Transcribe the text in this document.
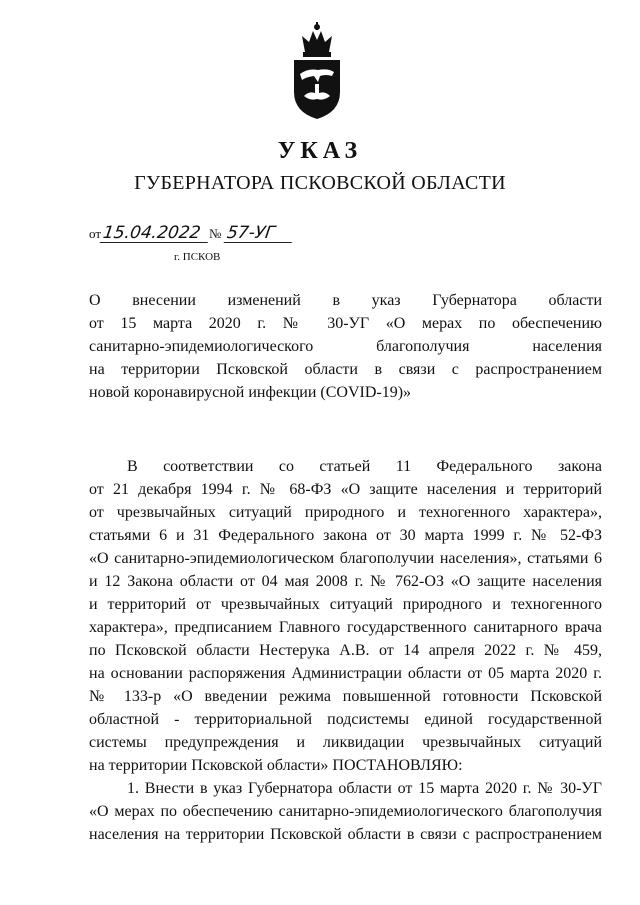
УКАЗ
ГУБЕРНАТОРА ПСКОВСКОЙ ОБЛАСТИ
от15.04.2022 № 57-УГ
г. ПСКОВ
О внесении изменений в указ Губернатора области
от 15 марта 2020 г. № 30-УГ «О мерах по обеспечению
санитарно-эпидемиологического благополучия населения
на территории Псковской области в связи с распространением
новой коронавирусной инфекции (COVID-19)»
В соответствии со статьей 11 Федерального закона
от 21 декабря 1994 г. № 68-ФЗ «О защите населения и территорий
от чрезвычайных ситуаций природного и техногенного характера»,
статьями 6 и 31 Федерального закона от 30 марта 1999 г. № 52-ФЗ
«О санитарно-эпидемиологическом благополучии населения», статьями 6
и 12 Закона области от 04 мая 2008 г. № 762-ОЗ «О защите населения
и территорий от чрезвычайных ситуаций природного и техногенного
характера», предписанием Главного государственного санитарного врача
по Псковской области Нестерука А.В. от 14 апреля 2022 г. № 459,
на основании распоряжения Администрации области от 05 марта 2020 г.
№ 133-р «О введении режима повышенной готовности Псковской
областной - территориальной подсистемы единой государственной
системы предупреждения и ликвидации чрезвычайных ситуаций
на территории Псковской области» ПОСТАНОВЛЯЮ:
1. Внести в указ Губернатора области от 15 марта 2020 г. № 30-УГ
«О мерах по обеспечению санитарно-эпидемиологического благополучия
населения на территории Псковской области в связи с распространением
